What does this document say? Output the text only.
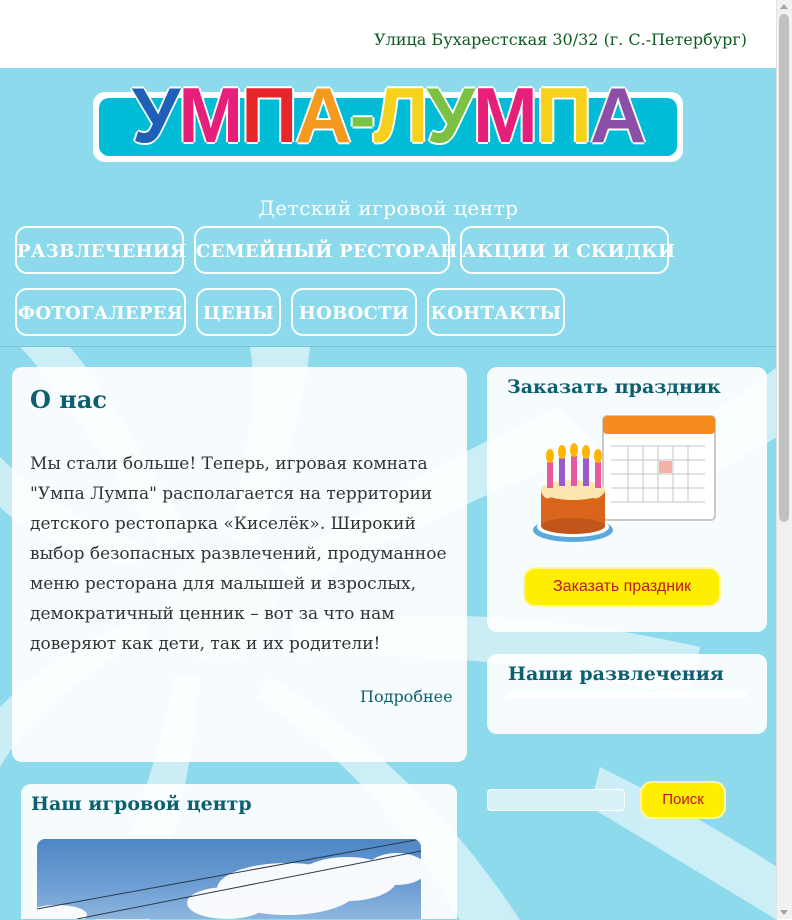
Улица Бухарестская 30/32 (г. С.-Петербург)
УМПА-ЛУМПА
Детский игровой центр
РАЗВЛЕЧЕНИЯ СЕМЕЙНЫЙ РЕСТОРАН АКЦИИ И СКИДКИ
ФОТОГАЛЕРЕЯ	ЦЕНЫ	НОВОСТИ	КОНТАКТЫ
О нас
Мы стали больше! Теперь, игровая комната "Умпа Лумпа" располагается на территории детского рестопарка «Киселёк». Широкий выбор безопасных развлечений, продуманное меню ресторана для малышей и взрослых, демократичный ценник – вот за что нам доверяют как дети, так и их родители!
Подробнее
Заказать праздник
Заказать праздник
Наши развлечения
Поиск
Наш игровой центр
